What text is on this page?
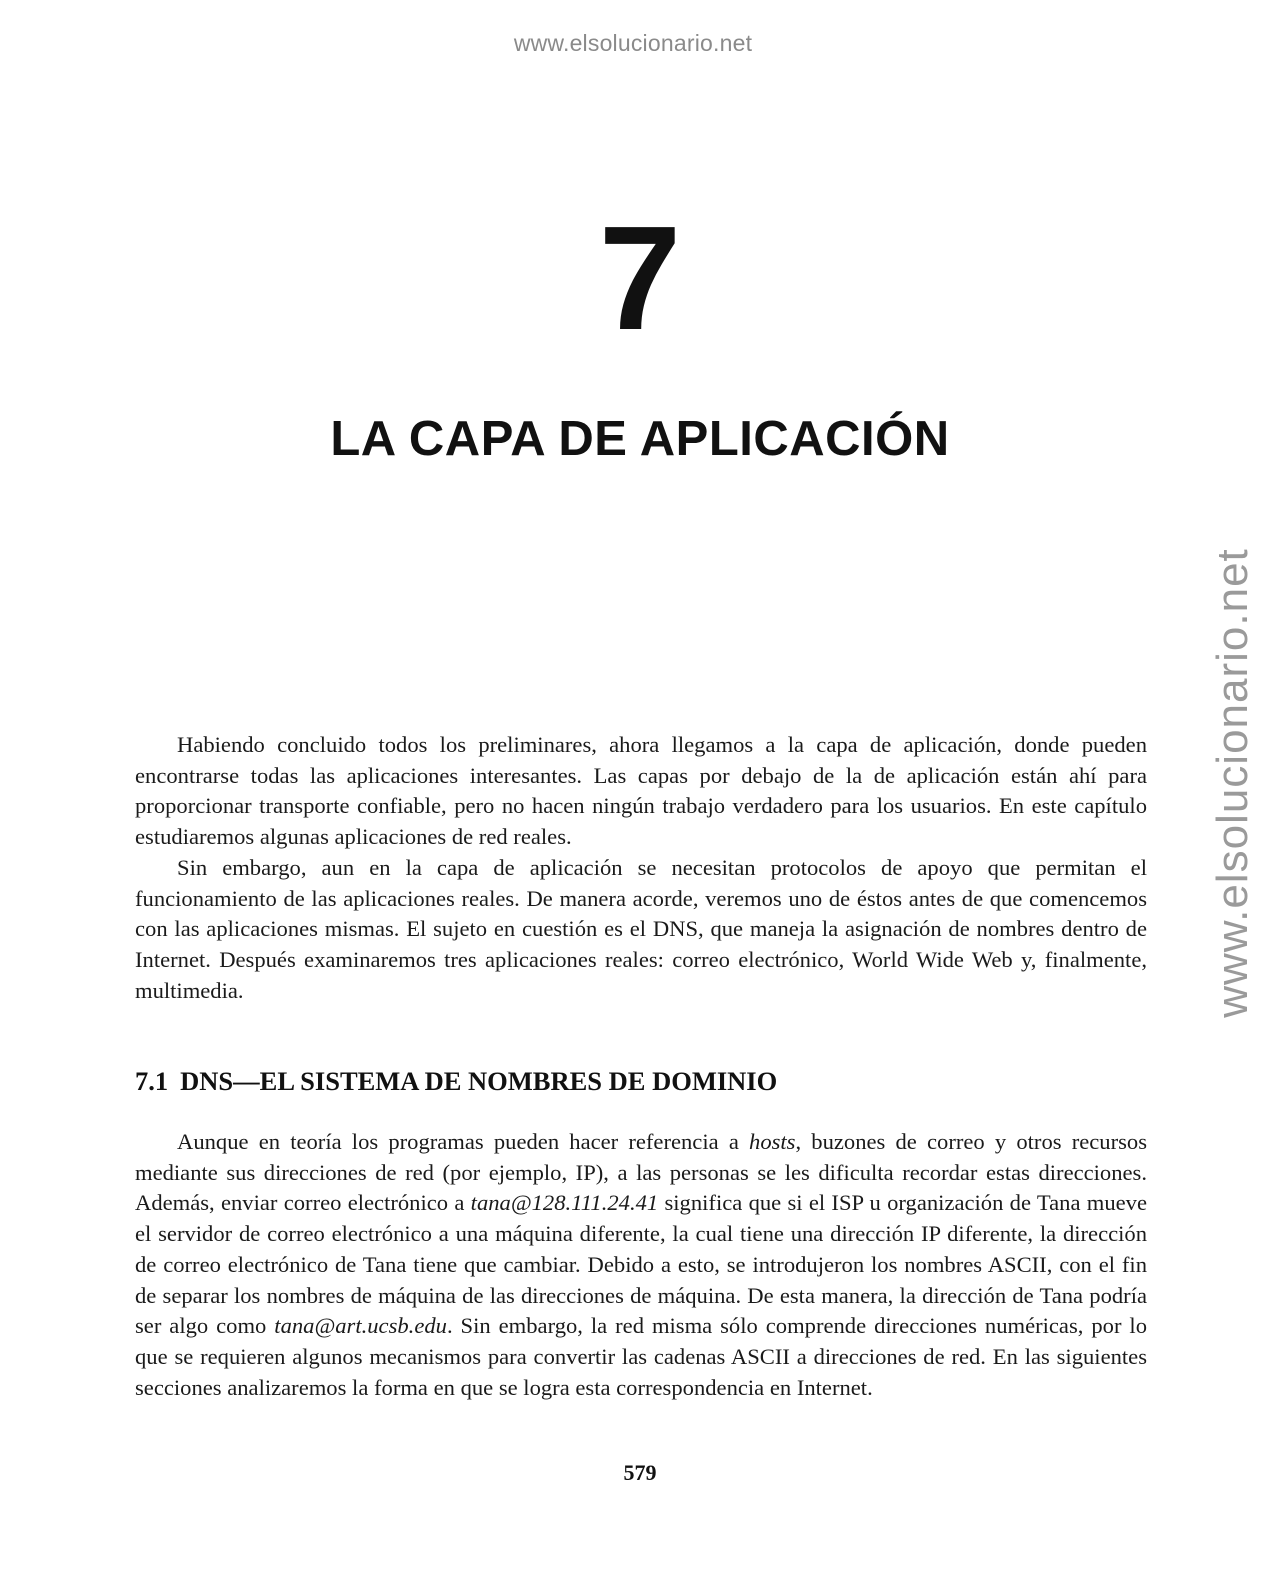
www.elsolucionario.net
www.elsolucionario.net
7
LA CAPA DE APLICACIÓN

Habiendo concluido todos los preliminares, ahora llegamos a la capa de aplicación, donde pueden encontrarse todas las aplicaciones interesantes. Las capas por debajo de la de aplicación están ahí para proporcionar transporte confiable, pero no hacen ningún trabajo verdadero para los usuarios. En este capítulo estudiaremos algunas aplicaciones de red reales.

Sin embargo, aun en la capa de aplicación se necesitan protocolos de apoyo que permitan el funcionamiento de las aplicaciones reales. De manera acorde, veremos uno de éstos antes de que comencemos con las aplicaciones mismas. El sujeto en cuestión es el DNS, que maneja la asignación de nombres dentro de Internet. Después examinaremos tres aplicaciones reales: correo electrónico, World Wide Web y, finalmente, multimedia.

7.1 DNS—EL SISTEMA DE NOMBRES DE DOMINIO

Aunque en teoría los programas pueden hacer referencia a hosts, buzones de correo y otros recursos mediante sus direcciones de red (por ejemplo, IP), a las personas se les dificulta recordar estas direcciones. Además, enviar correo electrónico a tana@128.111.24.41 significa que si el ISP u organización de Tana mueve el servidor de correo electrónico a una máquina diferente, la cual tiene una dirección IP diferente, la dirección de correo electrónico de Tana tiene que cambiar. Debido a esto, se introdujeron los nombres ASCII, con el fin de separar los nombres de máquina de las direcciones de máquina. De esta manera, la dirección de Tana podría ser algo como tana@art.ucsb.edu. Sin embargo, la red misma sólo comprende direcciones numéricas, por lo que se requieren algunos mecanismos para convertir las cadenas ASCII a direcciones de red. En las siguientes secciones analizaremos la forma en que se logra esta correspondencia en Internet.

579
